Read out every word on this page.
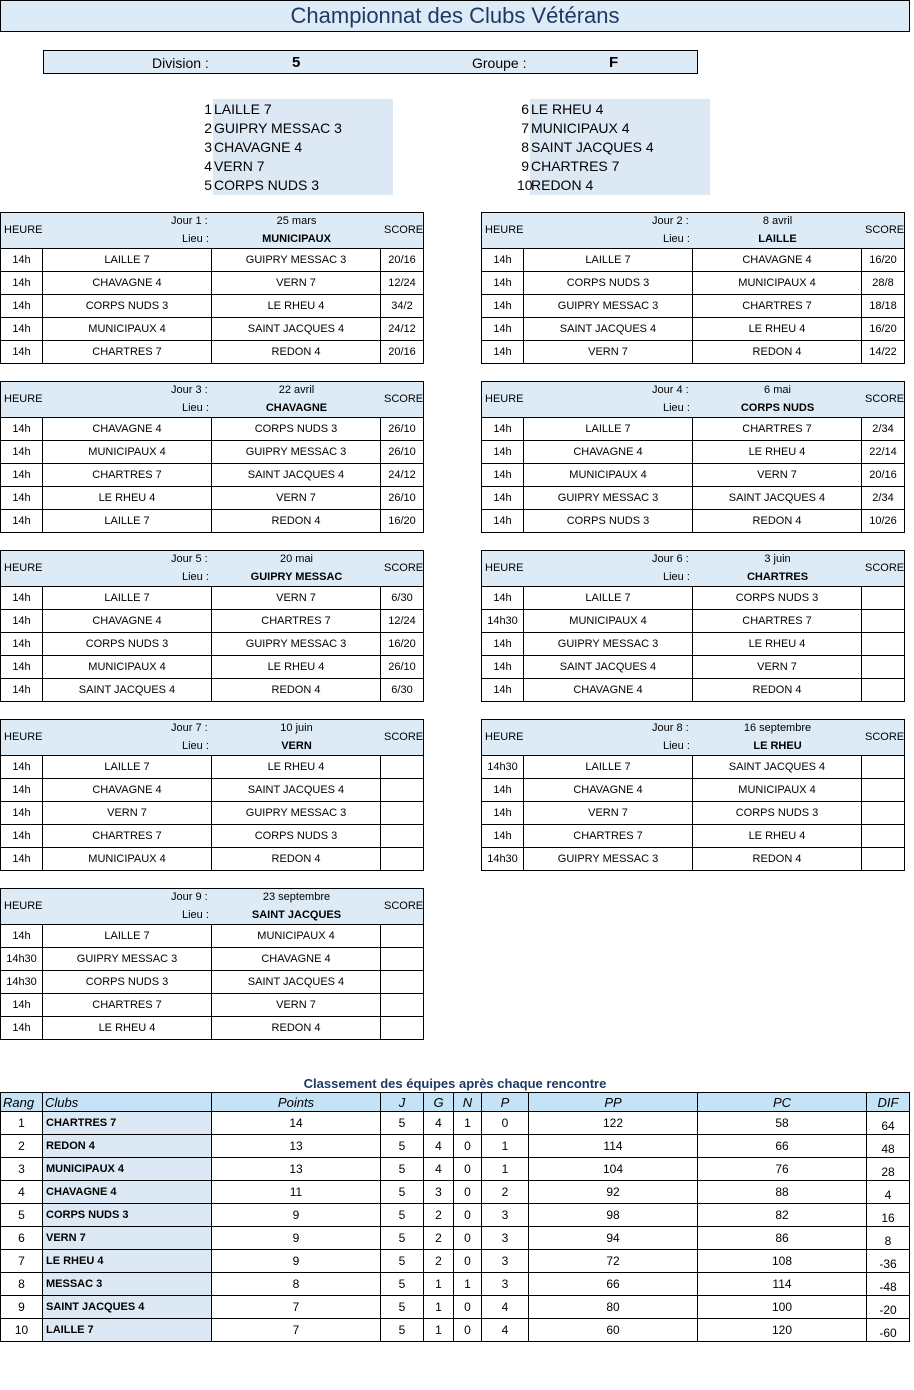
Championnat des Clubs Vétérans
Division :	5	Groupe :	F
1 LAILLE 7
2 GUIPRY MESSAC 3
3 CHAVAGNE 4
4 VERN 7
5 CORPS NUDS 3
6 LE RHEU 4
7 MUNICIPAUX 4
8 SAINT JACQUES 4
9 CHARTRES 7
10
REDON 4
HEURE
Jour 1 :	25 mars
Lieu :	MUNICIPAUX
SCORE
14h	LAILLE 7	GUIPRY MESSAC 3	20/16
14h	CHAVAGNE 4	VERN 7	12/24
14h	CORPS NUDS 3	LE RHEU 4	34/2
14h	MUNICIPAUX 4	SAINT JACQUES 4	24/12
14h	CHARTRES 7	REDON 4	20/16
HEURE
Jour 2 :	8 avril
Lieu :	LAILLE
SCORE
14h	LAILLE 7	CHAVAGNE 4	16/20
14h	CORPS NUDS 3	MUNICIPAUX 4	28/8
14h	GUIPRY MESSAC 3	CHARTRES 7	18/18
14h	SAINT JACQUES 4	LE RHEU 4	16/20
14h	VERN 7	REDON 4	14/22
HEURE
Jour 3 :	22 avril
Lieu :	CHAVAGNE
SCORE
14h	CHAVAGNE 4	CORPS NUDS 3	26/10
14h	MUNICIPAUX 4	GUIPRY MESSAC 3	26/10
14h	CHARTRES 7	SAINT JACQUES 4	24/12
14h	LE RHEU 4	VERN 7	26/10
14h	LAILLE 7	REDON 4	16/20
HEURE
Jour 4 :	6 mai
Lieu :	CORPS NUDS
SCORE
14h	LAILLE 7	CHARTRES 7	2/34
14h	CHAVAGNE 4	LE RHEU 4	22/14
14h	MUNICIPAUX 4	VERN 7	20/16
14h	GUIPRY MESSAC 3	SAINT JACQUES 4	2/34
14h	CORPS NUDS 3	REDON 4	10/26
HEURE
Jour 5 :	20 mai
Lieu :	GUIPRY MESSAC
SCORE
14h	LAILLE 7	VERN 7	6/30
14h	CHAVAGNE 4	CHARTRES 7	12/24
14h	CORPS NUDS 3	GUIPRY MESSAC 3	16/20
14h	MUNICIPAUX 4	LE RHEU 4	26/10
14h	SAINT JACQUES 4	REDON 4	6/30
HEURE
Jour 6 :	3 juin
Lieu :	CHARTRES
SCORE
14h	LAILLE 7	CORPS NUDS 3
14h30	MUNICIPAUX 4	CHARTRES 7
14h	GUIPRY MESSAC 3	LE RHEU 4
14h	SAINT JACQUES 4	VERN 7
14h	CHAVAGNE 4	REDON 4
HEURE
Jour 7 :	10 juin
Lieu :	VERN
SCORE
14h	LAILLE 7	LE RHEU 4
14h	CHAVAGNE 4	SAINT JACQUES 4
14h	VERN 7	GUIPRY MESSAC 3
14h	CHARTRES 7	CORPS NUDS 3
14h	MUNICIPAUX 4	REDON 4
HEURE
Jour 8 :	16 septembre
Lieu :	LE RHEU
SCORE
14h30	LAILLE 7	SAINT JACQUES 4
14h	CHAVAGNE 4	MUNICIPAUX 4
14h	VERN 7	CORPS NUDS 3
14h	CHARTRES 7	LE RHEU 4
14h30	GUIPRY MESSAC 3	REDON 4
HEURE
Jour 9 :	23 septembre
Lieu :	SAINT JACQUES
SCORE
14h	LAILLE 7	MUNICIPAUX 4
14h30	GUIPRY MESSAC 3	CHAVAGNE 4
14h30	CORPS NUDS 3	SAINT JACQUES 4
14h	CHARTRES 7	VERN 7
14h	LE RHEU 4	REDON 4
Classement des équipes après chaque rencontre
Rang Clubs	Points	J	G	N	P	PP	PC	DIF
1	CHARTRES 7	14	5	4	1	0	122	58	64
2	REDON 4	13	5	4	0	1	114	66	48
3	MUNICIPAUX 4	13	5	4	0	1	104	76	28
4	CHAVAGNE 4	11	5	3	0	2	92	88	4
5	CORPS NUDS 3	9	5	2	0	3	98	82	16
6	VERN 7	9	5	2	0	3	94	86	8
7	LE RHEU 4	9	5	2	0	3	72	108	-36
8	MESSAC 3	8	5	1	1	3	66	114	-48
9	SAINT JACQUES 4	7	5	1	0	4	80	100	-20
10	LAILLE 7	7	5	1	0	4	60	120	-60
